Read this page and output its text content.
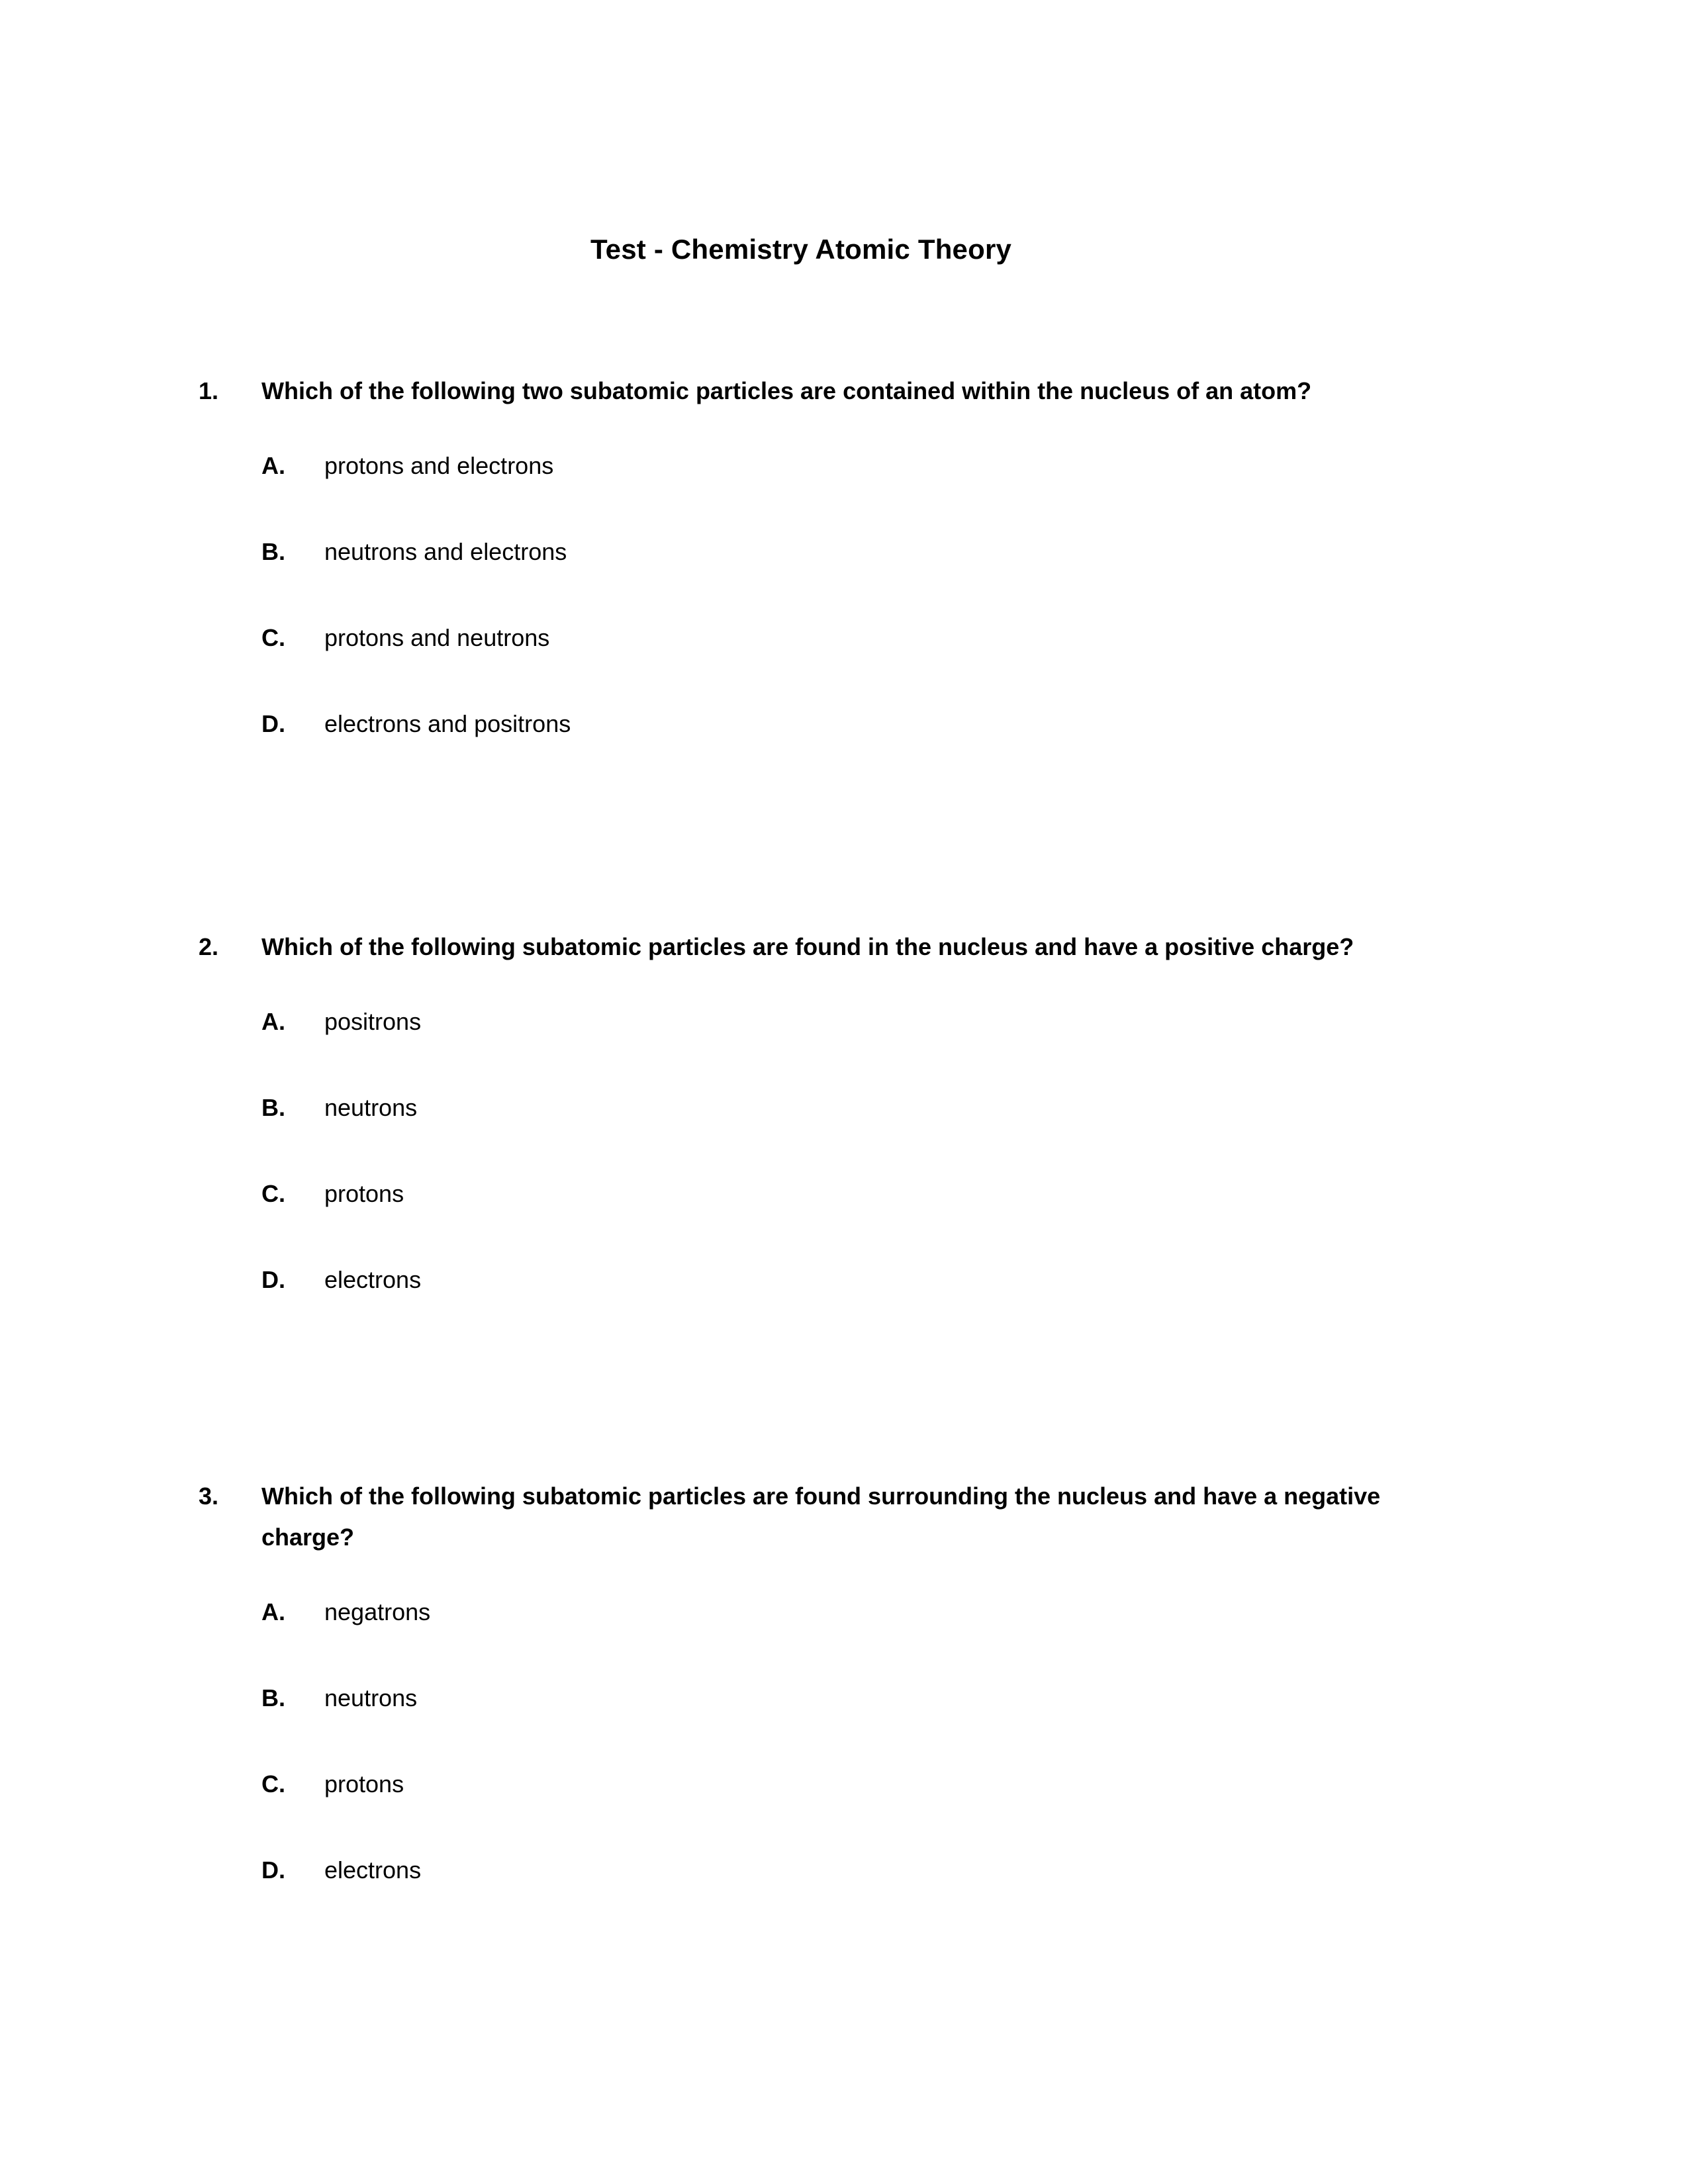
Test - Chemistry Atomic Theory
1.	Which of the following two subatomic particles are contained within the nucleus of an atom?
A.	protons and electrons
B.	neutrons and electrons
C.	protons and neutrons
D.	electrons and positrons
2.	Which of the following subatomic particles are found in the nucleus and have a positive charge?
A.	positrons
B.	neutrons
C.	protons
D.	electrons
3.	Which of the following subatomic particles are found surrounding the nucleus and have a negative charge?
A.	negatrons
B.	neutrons
C.	protons
D.	electrons
